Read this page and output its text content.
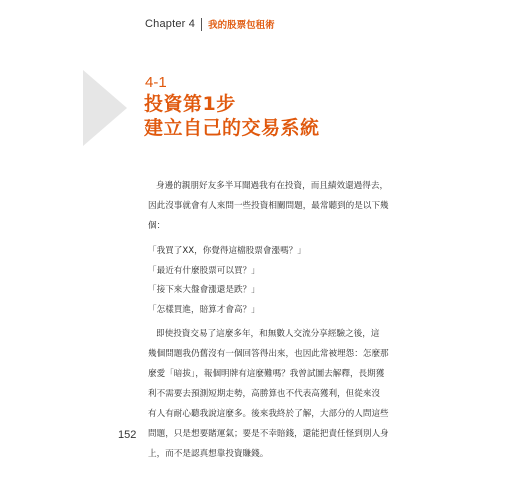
Chapter 4 我的股票包租術
4-1
投資第1步
建立自己的交易系統
身邊的親朋好友多半耳聞過我有在投資，而且績效還過得去，
因此沒事就會有人來問一些投資相關問題，最常聽到的是以下幾
個：
「我買了XX，你覺得這檔股票會漲嗎？」
「最近有什麼股票可以買？」
「接下來大盤會漲還是跌？」
「怎樣買進，賠算才會高？」
即使投資交易了這麼多年，和無數人交流分享經驗之後，這
幾個問題我仍舊沒有一個回答得出來，也因此常被埋怨：怎麼那
麼愛「暗拔」，報個明牌有這麼難嗎？我曾試圖去解釋，長期獲
利不需要去預測短期走勢，高勝算也不代表高獲利，但從來沒
有人有耐心聽我說這麼多。後來我終於了解，大部分的人問這些
問題，只是想要賭運氣；要是不幸賠錢，還能把責任怪到別人身
上，而不是認真想靠投資賺錢。
152
